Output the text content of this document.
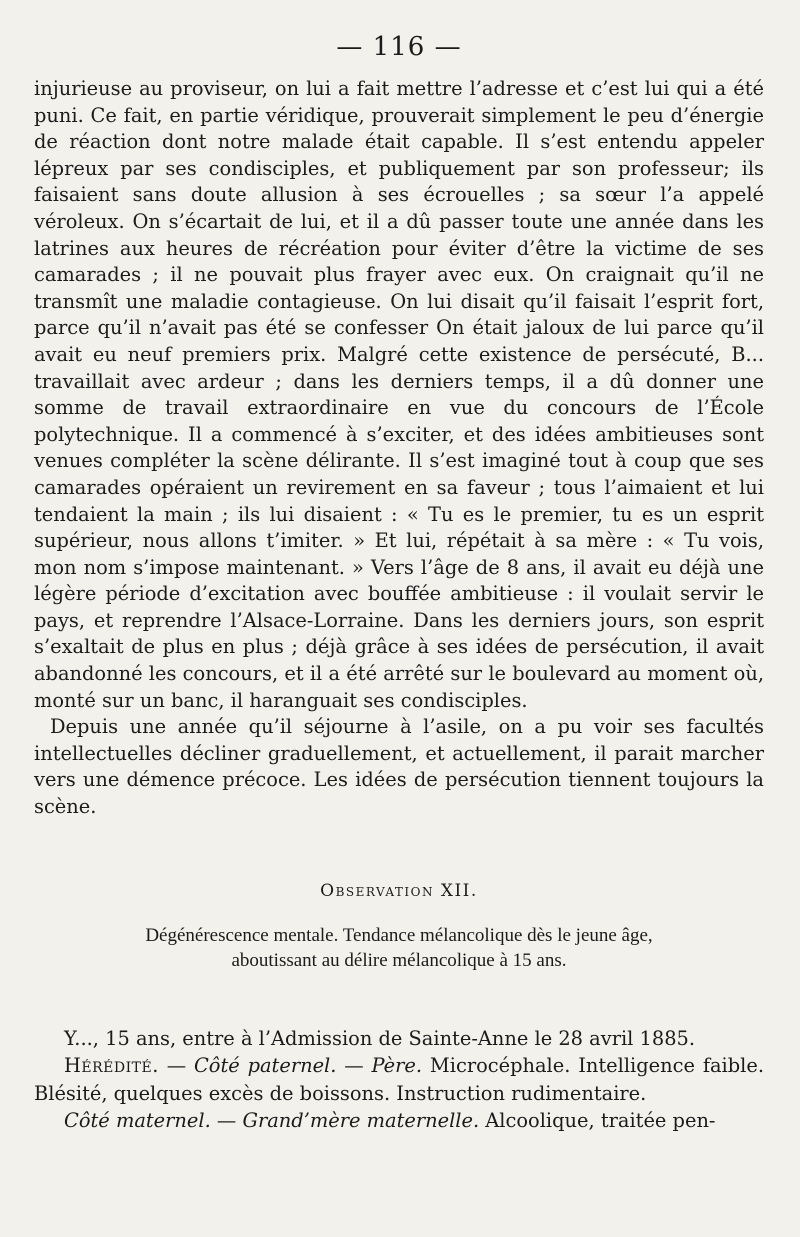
— 116 —

injurieuse au proviseur, on lui a fait mettre l’adresse et c’est lui qui a été puni. Ce fait, en partie véridique, prouverait simplement le peu d’énergie de réaction dont notre malade était capable. Il s’est entendu appeler lépreux par ses condisciples, et publiquement par son professeur; ils faisaient sans doute allusion à ses écrouelles ; sa sœur l’a appelé véroleux. On s’écartait de lui, et il a dû passer toute une année dans les latrines aux heures de récréation pour éviter d’être la victime de ses camarades ; il ne pouvait plus frayer avec eux. On craignait qu’il ne transmît une maladie contagieuse. On lui disait qu’il faisait l’esprit fort, parce qu’il n’avait pas été se confesser On était jaloux de lui parce qu’il avait eu neuf premiers prix. Malgré cette existence de persécuté, B... travaillait avec ardeur ; dans les derniers temps, il a dû donner une somme de travail extraordinaire en vue du concours de l’École polytechnique. Il a commencé à s’exciter, et des idées ambitieuses sont venues compléter la scène délirante. Il s’est imaginé tout à coup que ses camarades opéraient un revirement en sa faveur ; tous l’aimaient et lui tendaient la main ; ils lui disaient : « Tu es le premier, tu es un esprit supérieur, nous allons t’imiter. » Et lui, répétait à sa mère : « Tu vois, mon nom s’impose maintenant. » Vers l’âge de 8 ans, il avait eu déjà une légère période d’excitation avec bouffée ambitieuse : il voulait servir le pays, et reprendre l’Alsace-Lorraine. Dans les derniers jours, son esprit s’exaltait de plus en plus ; déjà grâce à ses idées de persécution, il avait abandonné les concours, et il a été arrêté sur le boulevard au moment où, monté sur un banc, il haranguait ses condisciples.

Depuis une année qu’il séjourne à l’asile, on a pu voir ses facultés intellectuelles décliner graduellement, et actuellement, il parait marcher vers une démence précoce. Les idées de persécution tiennent toujours la scène.

Observation XII.
Dégénérescence mentale. Tendance mélancolique dès le jeune âge,
aboutissant au délire mélancolique à 15 ans.

Y..., 15 ans, entre à l’Admission de Sainte-Anne le 28 avril 1885.

Hérédité. — Côté paternel. — Père. Microcéphale. Intelligence faible. Blésité, quelques excès de boissons. Instruction rudimentaire.

Côté maternel. — Grand’mère maternelle. Alcoolique, traitée pen-
